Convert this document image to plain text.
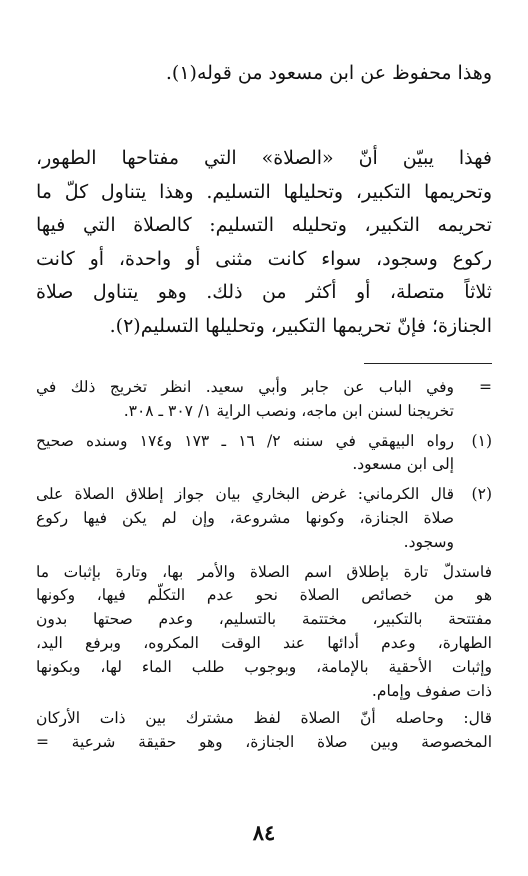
وهذا محفوظ عن ابن مسعود من قوله(١).
فهذا يبيّن أنّ «الصلاة» التي مفتاحها الطهور،
وتحريمها التكبير، وتحليلها التسليم. وهذا يتناول كلّ ما
تحريمه التكبير، وتحليله التسليم: كالصلاة التي فيها
ركوع وسجود، سواء كانت مثنى أو واحدة، أو كانت
ثلاثاً متصلة، أو أكثر من ذلك. وهو يتناول صلاة
الجنازة؛ فإنّ تحريمها التكبير، وتحليلها التسليم(٢).
=
وفي الباب عن جابر وأبي سعيد. انظر تخريج ذلك في
تخريجنا لسنن ابن ماجه، ونصب الراية ١/ ٣٠٧ ـ ٣٠٨.
(١)
رواه البيهقي في سننه ٢/ ١٦ ـ ١٧٣ و١٧٤ وسنده صحيح
إلى ابن مسعود.
(٢)
قال الكرماني: غرض البخاري بيان جواز إطلاق الصلاة على
صلاة الجنازة، وكونها مشروعة، وإن لم يكن فيها ركوع
وسجود.
فاستدلّ تارة بإطلاق اسم الصلاة والأمر بها، وتارة بإثبات ما
هو من خصائص الصلاة نحو عدم التكلّم فيها، وكونها
مفتتحة بالتكبير، مختتمة بالتسليم، وعدم صحتها بدون
الطهارة، وعدم أدائها عند الوقت المكروه، وبرفع اليد،
وإثبات الأحقية بالإمامة، وبوجوب طلب الماء لها، وبكونها
ذات صفوف وإمام.
قال: وحاصله أنّ الصلاة لفظ مشترك بين ذات الأركان
المخصوصة وبين صلاة الجنازة، وهو حقيقة شرعية =
٨٤
